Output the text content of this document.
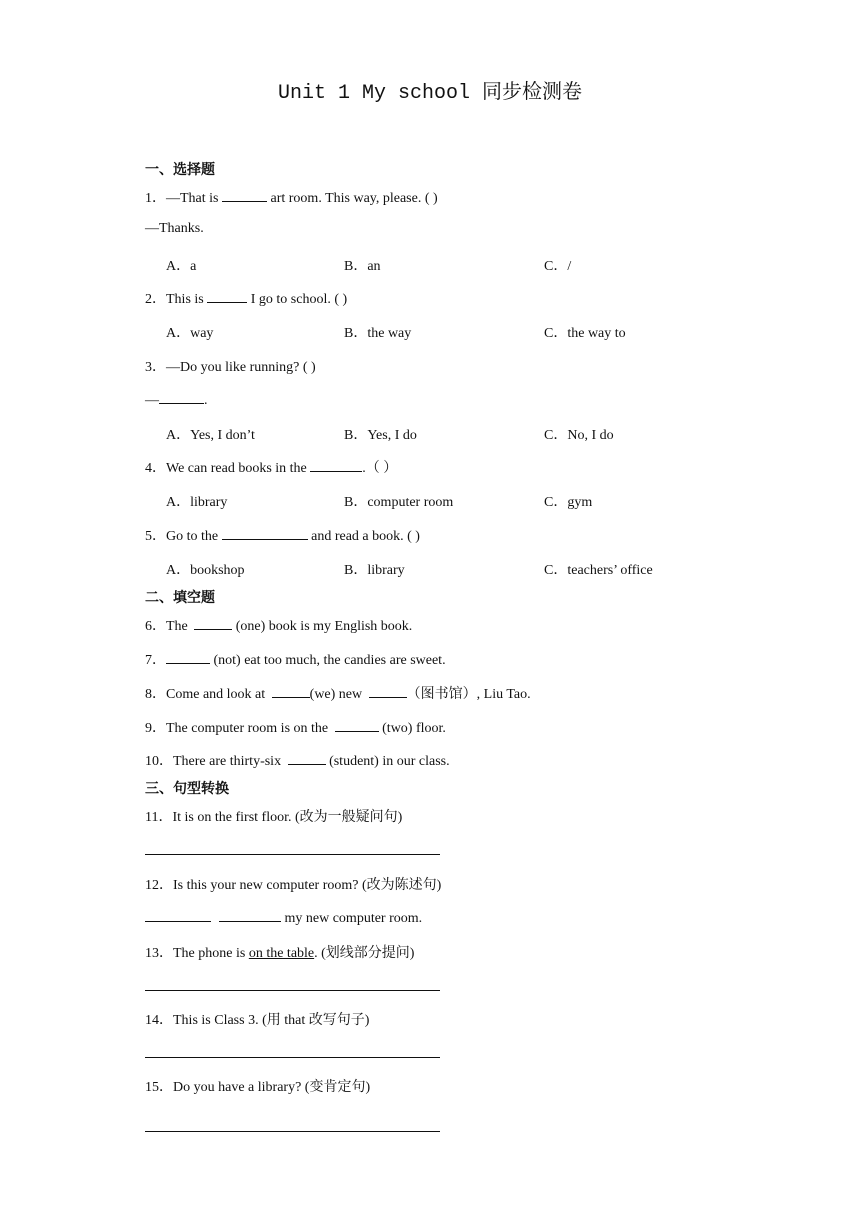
Unit 1 My school 同步检测卷
一、选择题
1．—That is	art room. This way, please. ( )
—Thanks.
A．a	B．an	C．/
2．This is	I go to school. ( )
A．way	B．the way	C．the way to
3．—Do you like running? ( )
—	.
A．Yes, I don’t	B．Yes, I do	C．No, I do
4．We can read books in the	.（ ）
A．library	B．computer room	C．gym
5．Go to the	and read a book. ( )
A．bookshop	B．library	C．teachers’ office
二、填空题
6．The	(one) book is my English book.
7．	(not) eat too much, the candies are sweet.
8．Come and look at	(we) new	（图书馆）, Liu Tao.
9．The computer room is on the	(two) floor.
10．There are thirty-six	(student) in our class.
三、句型转换
11．It is on the first floor. (改为一般疑问句)
12．Is this your new computer room? (改为陈述句)
my new computer room.
13．The phone is on the table. (划线部分提问)
14．This is Class 3. (用 that 改写句子)
15．Do you have a library? (变肯定句)
